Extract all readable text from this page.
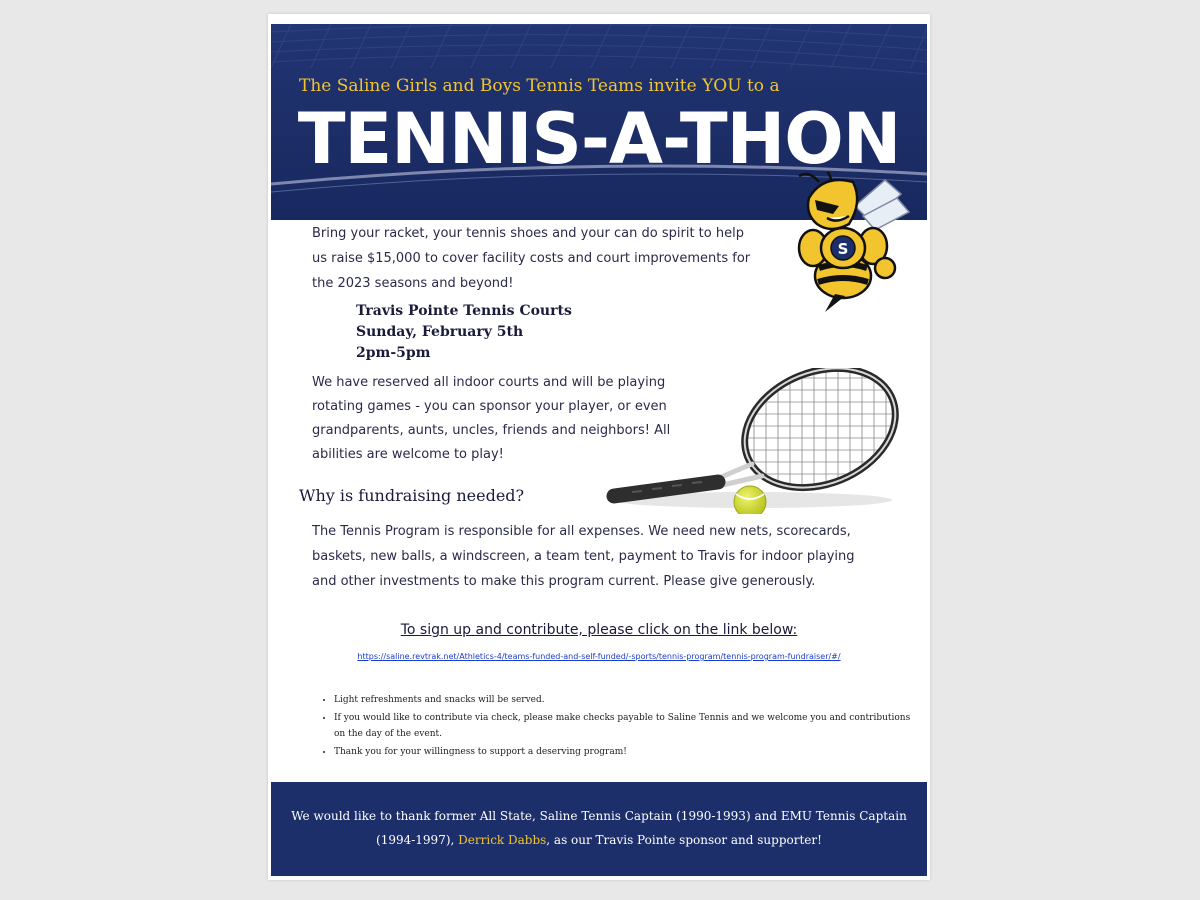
The Saline Girls and Boys Tennis Teams invite YOU to a
TENNIS-A-THON
S
Bring your racket, your tennis shoes and your can do spirit to help us raise $15,000 to cover facility costs and court improvements for the 2023 seasons and beyond!
Travis Pointe Tennis Courts
Sunday, February 5th
2pm-5pm
We have reserved all indoor courts and will be playing rotating games - you can sponsor your player, or even grandparents, aunts, uncles, friends and neighbors! All abilities are welcome to play!
Why is fundraising needed?
The Tennis Program is responsible for all expenses. We need new nets, scorecards, baskets, new balls, a windscreen, a team tent, payment to Travis for indoor playing and other investments to make this program current. Please give generously.
To sign up and contribute, please click on the link below:
https://saline.revtrak.net/Athletics-4/teams-funded-and-self-funded/-sports/tennis-program/tennis-program-fundraiser/#/
• Light refreshments and snacks will be served.
• If you would like to contribute via check, please make checks payable to Saline Tennis and we welcome you and contributions on the day of the event.
• Thank you for your willingness to support a deserving program!
We would like to thank former All State, Saline Tennis Captain (1990-1993) and EMU Tennis Captain (1994-1997), Derrick Dabbs, as our Travis Pointe sponsor and supporter!
